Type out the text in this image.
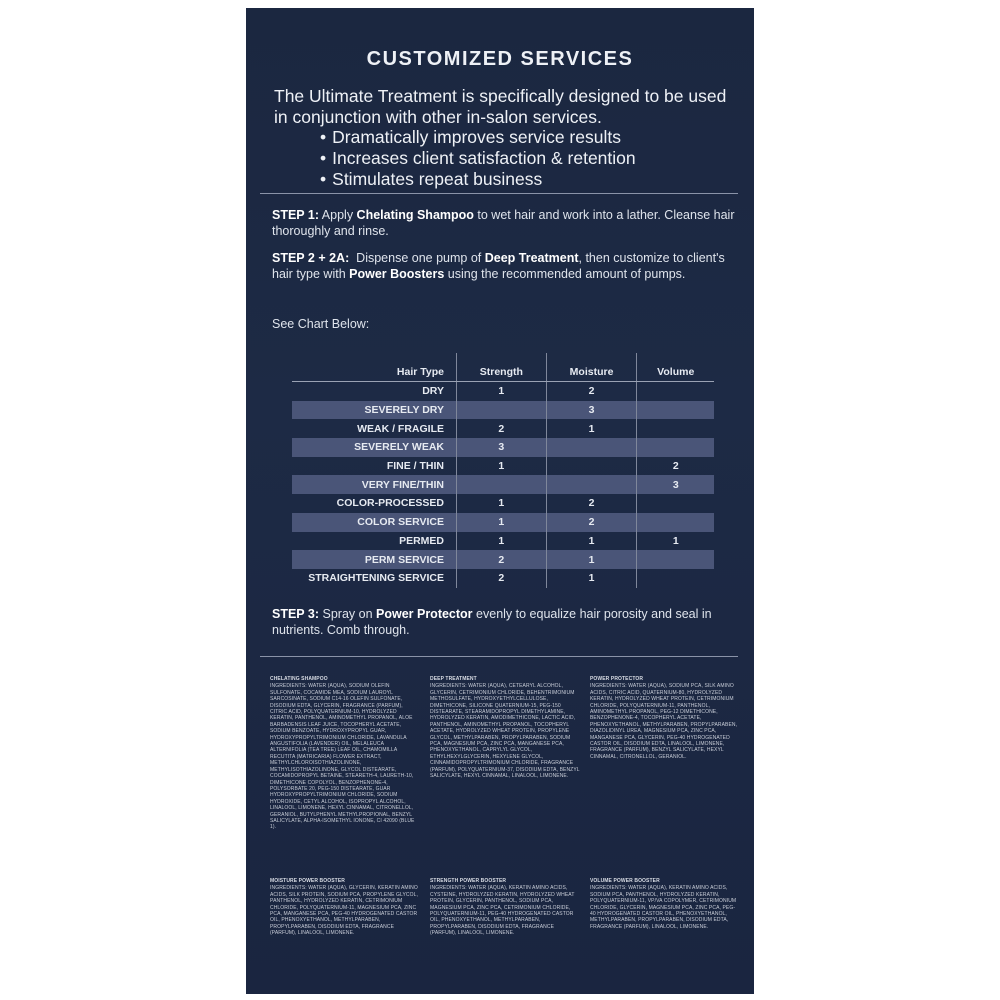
CUSTOMIZED SERVICES
The Ultimate Treatment is specifically designed to be used in conjunction with other in-salon services.
• Dramatically improves service results
• Increases client satisfaction & retention
• Stimulates repeat business
STEP 1: Apply Chelating Shampoo to wet hair and work into a lather. Cleanse hair thoroughly and rinse.
STEP 2 + 2A:  Dispense one pump of Deep Treatment, then customize to client's hair type with Power Boosters using the recommended amount of pumps.
See Chart Below:
Hair Type	Strength	Moisture	Volume
DRY	1	2	
SEVERELY DRY		3	
WEAK / FRAGILE	2	1	
SEVERELY WEAK	3		
FINE / THIN	1		2
VERY FINE/THIN			3
COLOR-PROCESSED	1	2	
COLOR SERVICE	1	2	
PERMED	1	1	1
PERM SERVICE	2	1	
STRAIGHTENING SERVICE	2	1	
STEP 3: Spray on Power Protector evenly to equalize hair porosity and seal in nutrients. Comb through.
CHELATING SHAMPOO
INGREDIENTS: WATER (AQUA), SODIUM OLEFIN SULFONATE, COCAMIDE MEA, SODIUM LAUROYL SARCOSINATE, SODIUM C14-16 OLEFIN SULFONATE, DISODIUM EDTA, GLYCERIN, FRAGRANCE (PARFUM), CITRIC ACID, POLYQUATERNIUM-10, HYDROLYZED KERATIN, PANTHENOL, AMINOMETHYL PROPANOL, ALOE BARBADENSIS LEAF JUICE, TOCOPHERYL ACETATE, SODIUM BENZOATE, HYDROXYPROPYL GUAR, HYDROXYPROPYLTRIMONIUM CHLORIDE, LAVANDULA ANGUSTIFOLIA (LAVENDER) OIL, MELALEUCA ALTERNIFOLIA (TEA TREE) LEAF OIL, CHAMOMILLA RECUTITA (MATRICARIA) FLOWER EXTRACT, METHYLCHLOROISOTHIAZOLINONE, METHYLISOTHIAZOLINONE, GLYCOL DISTEARATE, COCAMIDOPROPYL BETAINE, STEARETH-4, LAURETH-10, DIMETHICONE COPOLYOL, BENZOPHENONE-4, POLYSORBATE 20, PEG-150 DISTEARATE, GUAR HYDROXYPROPYLTRIMONIUM CHLORIDE, SODIUM HYDROXIDE, CETYL ALCOHOL, ISOPROPYL ALCOHOL, LINALOOL, LIMONENE, HEXYL CINNAMAL, CITRONELLOL, GERANIOL, BUTYLPHENYL METHYLPROPIONAL, BENZYL SALICYLATE, ALPHA-ISOMETHYL IONONE, CI 42090 (BLUE 1).
DEEP TREATMENT
INGREDIENTS: WATER (AQUA), CETEARYL ALCOHOL, GLYCERIN, CETRIMONIUM CHLORIDE, BEHENTRIMONIUM METHOSULFATE, HYDROXYETHYLCELLULOSE, DIMETHICONE, SILICONE QUATERNIUM-15, PEG-150 DISTEARATE, STEARAMIDOPROPYL DIMETHYLAMINE, HYDROLYZED KERATIN, AMODIMETHICONE, LACTIC ACID, PANTHENOL, AMINOMETHYL PROPANOL, TOCOPHERYL ACETATE, HYDROLYZED WHEAT PROTEIN, PROPYLENE GLYCOL, METHYLPARABEN, PROPYLPARABEN, SODIUM PCA, MAGNESIUM PCA, ZINC PCA, MANGANESE PCA, PHENOXYETHANOL, CAPRYLYL GLYCOL, ETHYLHEXYLGLYCERIN, HEXYLENE GLYCOL, CINNAMIDOPROPYLTRIMONIUM CHLORIDE, FRAGRANCE (PARFUM), POLYQUATERNIUM-37, DISODIUM EDTA, BENZYL SALICYLATE, HEXYL CINNAMAL, LINALOOL, LIMONENE.
POWER PROTECTOR
INGREDIENTS: WATER (AQUA), SODIUM PCA, SILK AMINO ACIDS, CITRIC ACID, QUATERNIUM-80, HYDROLYZED KERATIN, HYDROLYZED WHEAT PROTEIN, CETRIMONIUM CHLORIDE, POLYQUATERNIUM-11, PANTHENOL, AMINOMETHYL PROPANOL, PEG-12 DIMETHICONE, BENZOPHENONE-4, TOCOPHERYL ACETATE, PHENOXYETHANOL, METHYLPARABEN, PROPYLPARABEN, DIAZOLIDINYL UREA, MAGNESIUM PCA, ZINC PCA, MANGANESE PCA, GLYCERIN, PEG-40 HYDROGENATED CASTOR OIL, DISODIUM EDTA, LINALOOL, LIMONENE, FRAGRANCE (PARFUM), BENZYL SALICYLATE, HEXYL CINNAMAL, CITRONELLOL, GERANIOL.
MOISTURE POWER BOOSTER
INGREDIENTS: WATER (AQUA), GLYCERIN, KERATIN AMINO ACIDS, SILK PROTEIN, SODIUM PCA, PROPYLENE GLYCOL, PANTHENOL, HYDROLYZED KERATIN, CETRIMONIUM CHLORIDE, POLYQUATERNIUM-11, MAGNESIUM PCA, ZINC PCA, MANGANESE PCA, PEG-40 HYDROGENATED CASTOR OIL, PHENOXYETHANOL, METHYLPARABEN, PROPYLPARABEN, DISODIUM EDTA, FRAGRANCE (PARFUM), LINALOOL, LIMONENE.
STRENGTH POWER BOOSTER
INGREDIENTS: WATER (AQUA), KERATIN AMINO ACIDS, CYSTEINE, HYDROLYZED KERATIN, HYDROLYZED WHEAT PROTEIN, GLYCERIN, PANTHENOL, SODIUM PCA, MAGNESIUM PCA, ZINC PCA, CETRIMONIUM CHLORIDE, POLYQUATERNIUM-11, PEG-40 HYDROGENATED CASTOR OIL, PHENOXYETHANOL, METHYLPARABEN, PROPYLPARABEN, DISODIUM EDTA, FRAGRANCE (PARFUM), LINALOOL, LIMONENE.
VOLUME POWER BOOSTER
INGREDIENTS: WATER (AQUA), KERATIN AMINO ACIDS, SODIUM PCA, PANTHENOL, HYDROLYZED KERATIN, POLYQUATERNIUM-11, VP/VA COPOLYMER, CETRIMONIUM CHLORIDE, GLYCERIN, MAGNESIUM PCA, ZINC PCA, PEG-40 HYDROGENATED CASTOR OIL, PHENOXYETHANOL, METHYLPARABEN, PROPYLPARABEN, DISODIUM EDTA, FRAGRANCE (PARFUM), LINALOOL, LIMONENE.
